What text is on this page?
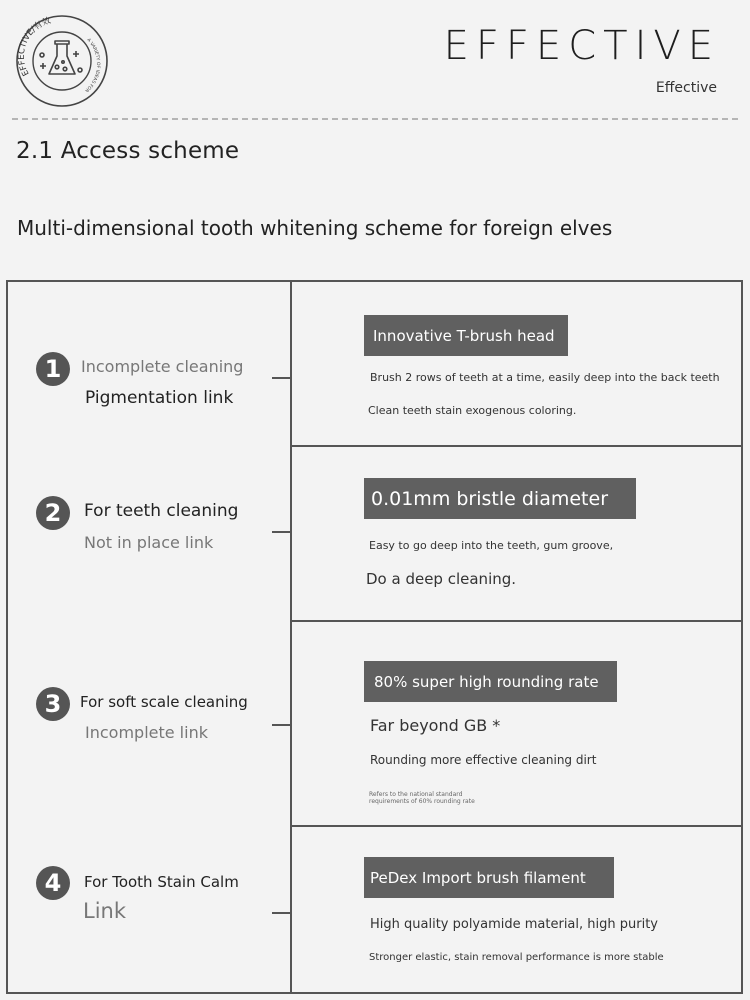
EFFECTIVE/有效
A VARIETY OF IDEAS FOR
EFFECTIVE
Effective
2.1 Access scheme
Multi-dimensional tooth whitening scheme for foreign elves
1	Incomplete cleaning
Pigmentation link
2	For teeth cleaning
Not in place link
3	For soft scale cleaning
Incomplete link
4	For Tooth Stain Calm
Link
Innovative T-brush head
Brush 2 rows of teeth at a time, easily deep into the back teeth
Clean teeth stain exogenous coloring.
0.01mm bristle diameter
Easy to go deep into the teeth, gum groove,
Do a deep cleaning.
80% super high rounding rate
Far beyond GB *
Rounding more effective cleaning dirt
Refers to the national standard
requirements of 60% rounding rate
PeDex Import brush filament
High quality polyamide material, high purity
Stronger elastic, stain removal performance is more stable
